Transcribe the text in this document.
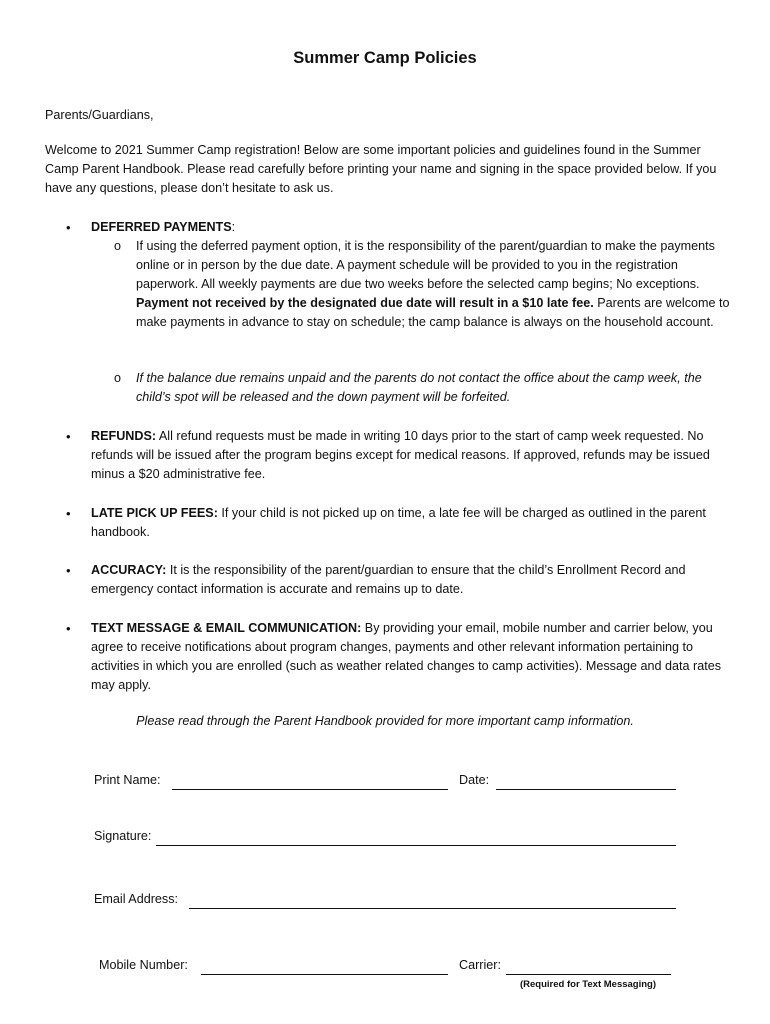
Summer Camp Policies

Parents/Guardians,

Welcome to 2021 Summer Camp registration! Below are some important policies and guidelines found in the Summer Camp Parent Handbook. Please read carefully before printing your name and signing in the space provided below. If you have any questions, please don’t hesitate to ask us.

• DEFERRED PAYMENTS:

o If using the deferred payment option, it is the responsibility of the parent/guardian to make the payments online or in person by the due date. A payment schedule will be provided to you in the registration paperwork. All weekly payments are due two weeks before the selected camp begins; No exceptions. Payment not received by the designated due date will result in a $10 late fee. Parents are welcome to make payments in advance to stay on schedule; the camp balance is always on the household account.

o If the balance due remains unpaid and the parents do not contact the office about the camp week, the child’s spot will be released and the down payment will be forfeited.

• REFUNDS: All refund requests must be made in writing 10 days prior to the start of camp week requested. No refunds will be issued after the program begins except for medical reasons. If approved, refunds may be issued minus a $20 administrative fee.

• LATE PICK UP FEES: If your child is not picked up on time, a late fee will be charged as outlined in the parent handbook.

• ACCURACY: It is the responsibility of the parent/guardian to ensure that the child’s Enrollment Record and emergency contact information is accurate and remains up to date.

• TEXT MESSAGE & EMAIL COMMUNICATION: By providing your email, mobile number and carrier below, you agree to receive notifications about program changes, payments and other relevant information pertaining to activities in which you are enrolled (such as weather related changes to camp activities). Message and data rates may apply.

Please read through the Parent Handbook provided for more important camp information.
Print Name:	Date:
Signature:
Email Address:
Mobile Number:	Carrier:
(Required for Text Messaging)
